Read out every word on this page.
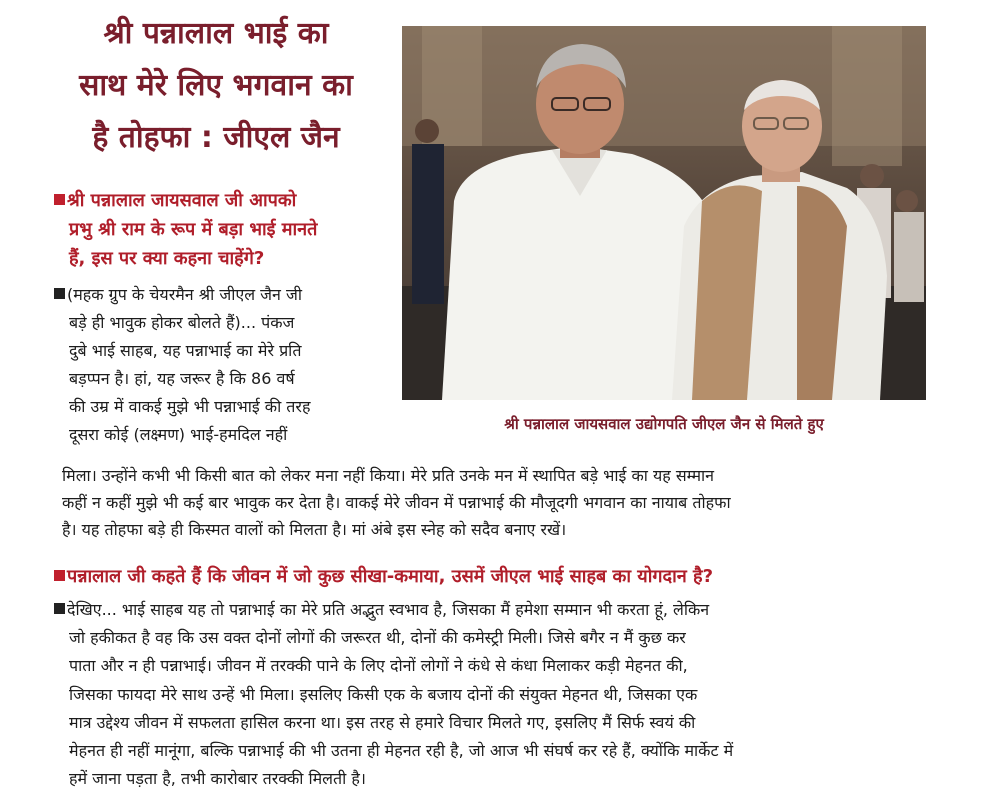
श्री पन्नालाल भाई का
साथ मेरे लिए भगवान का
है तोहफा : जीएल जैन
श्री पन्नालाल जायसवाल उद्योगपति जीएल जैन से मिलते हुए
श्री पन्नालाल जायसवाल जी आपको
प्रभु श्री राम के रूप में बड़ा भाई मानते
हैं, इस पर क्या कहना चाहेंगे?
(महक ग्रुप के चेयरमैन श्री जीएल जैन जी
बड़े ही भावुक होकर बोलते हैं)... पंकज
दुबे भाई साहब, यह पन्नाभाई का मेरे प्रति
बड़प्पन है। हां, यह जरूर है कि 86 वर्ष
की उम्र में वाकई मुझे भी पन्नाभाई की तरह
दूसरा कोई (लक्ष्मण) भाई-हमदिल नहीं
मिला। उन्होंने कभी भी किसी बात को लेकर मना नहीं किया। मेरे प्रति उनके मन में स्थापित बड़े भाई का यह सम्मान
कहीं न कहीं मुझे भी कई बार भावुक कर देता है। वाकई मेरे जीवन में पन्नाभाई की मौजूदगी भगवान का नायाब तोहफा
है। यह तोहफा बड़े ही किस्मत वालों को मिलता है। मां अंबे इस स्नेह को सदैव बनाए रखें।
पन्नालाल जी कहते हैं कि जीवन में जो कुछ सीखा-कमाया, उसमें जीएल भाई साहब का योगदान है?
देखिए... भाई साहब यह तो पन्नाभाई का मेरे प्रति अद्भुत स्वभाव है, जिसका मैं हमेशा सम्मान भी करता हूं, लेकिन
जो हकीकत है वह कि उस वक्त दोनों लोगों की जरूरत थी, दोनों की कमेस्ट्री मिली। जिसे बगैर न मैं कुछ कर
पाता और न ही पन्नाभाई। जीवन में तरक्की पाने के लिए दोनों लोगों ने कंधे से कंधा मिलाकर कड़ी मेहनत की,
जिसका फायदा मेरे साथ उन्हें भी मिला। इसलिए किसी एक के बजाय दोनों की संयुक्त मेहनत थी, जिसका एक
मात्र उद्देश्य जीवन में सफलता हासिल करना था। इस तरह से हमारे विचार मिलते गए, इसलिए मैं सिर्फ स्वयं की
मेहनत ही नहीं मानूंगा, बल्कि पन्नाभाई की भी उतना ही मेहनत रही है, जो आज भी संघर्ष कर रहे हैं, क्योंकि मार्केट में
हमें जाना पड़ता है, तभी कारोबार तरक्की मिलती है।
